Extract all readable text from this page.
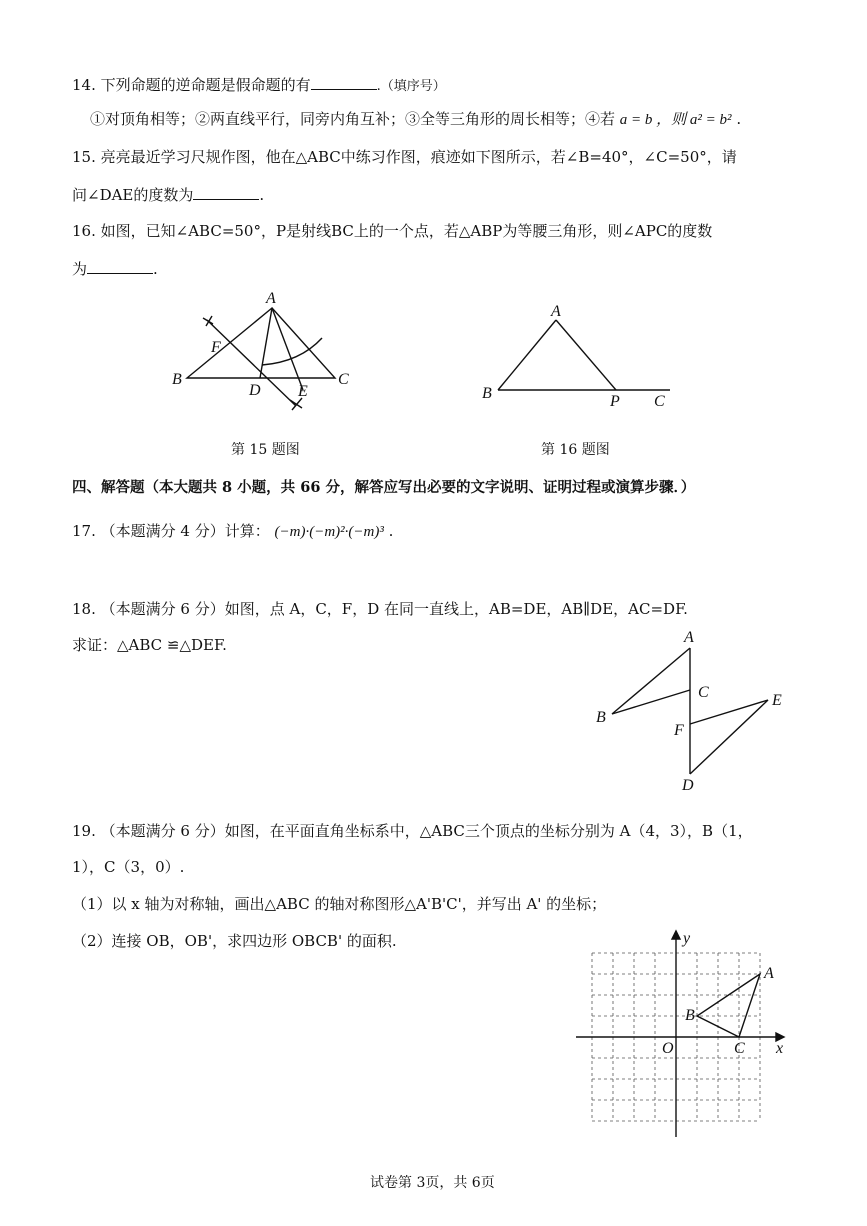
14. 下列命题的逆命题是假命题的有	.（填序号）
①对顶角相等；②两直线平行，同旁内角互补；③全等三角形的周长相等；④若 a = b ，则 a² = b² .
15. 亮亮最近学习尺规作图，他在△ABC中练习作图，痕迹如下图所示，若∠B=40°，∠C=50°，请
问∠DAE的度数为	.
16. 如图，已知∠ABC=50°，P是射线BC上的一个点，若△ABP为等腰三角形，则∠APC的度数
为	.
A
B	C
D E
F
A
B	P C
A
B
C
F
E
D
第 15 题图	第 16 题图
四、解答题（本大题共 8 小题，共 66 分，解答应写出必要的文字说明、证明过程或演算步骤．）
17. （本题满分 4 分）计算： (−m)·(−m)²·(−m)³ .
18. （本题满分 6 分）如图，点 A，C，F，D 在同一直线上，AB=DE，AB∥DE，AC=DF.
求证：△ABC ≌△DEF.
19. （本题满分 6 分）如图，在平面直角坐标系中，△ABC三个顶点的坐标分别为 A（4，3），B（1，
1），C（3，0）.
（1）以 x 轴为对称轴，画出△ABC 的轴对称图形△A'B'C'，并写出 A' 的坐标；
（2）连接 OB，OB'，求四边形 OBCB' 的面积.
x
y
O
A
B
C
试卷第 3页，共 6页
